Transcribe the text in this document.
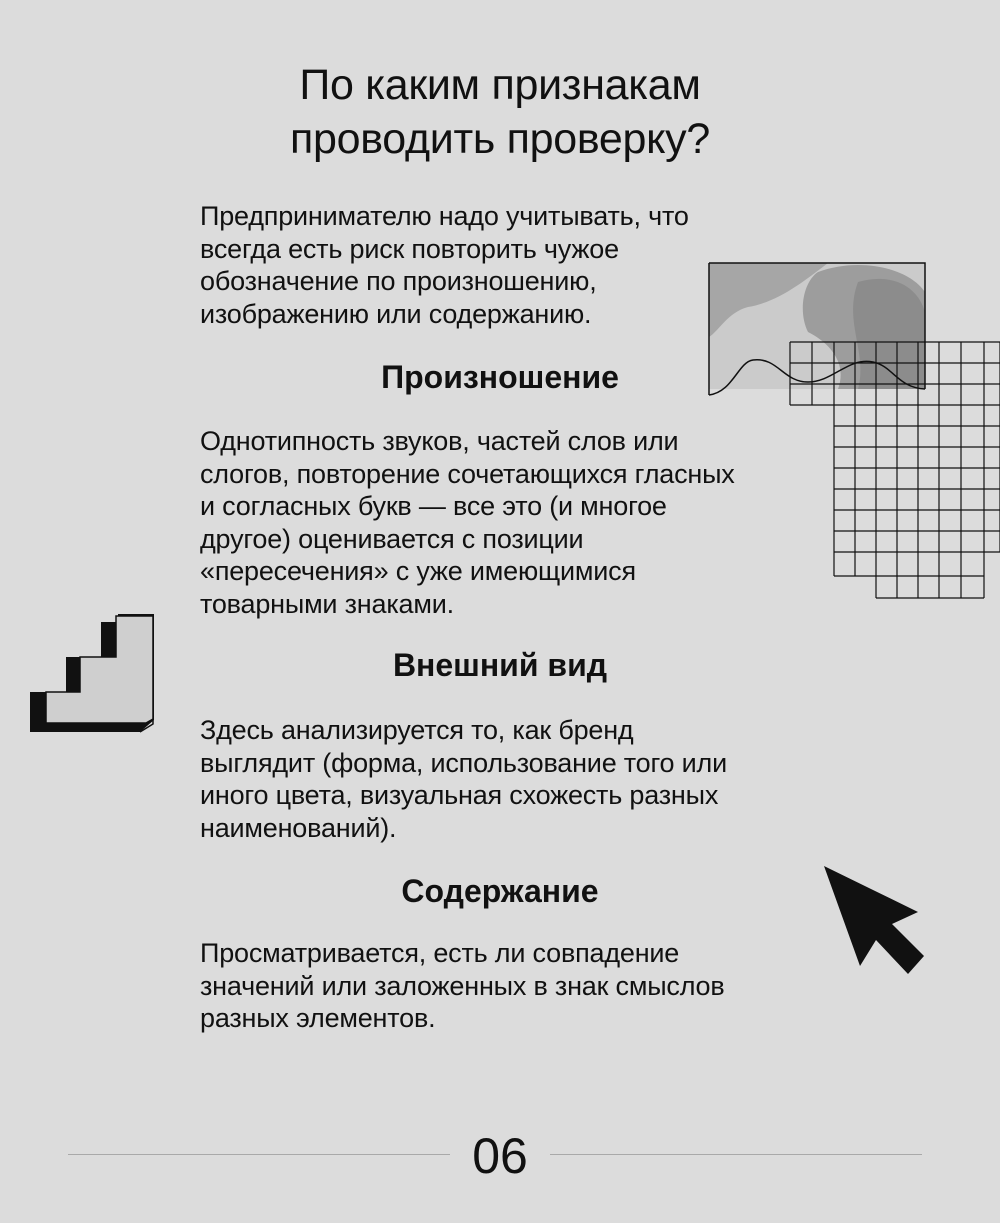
По каким признакам
проводить проверку?
Предпринимателю надо учитывать, что
всегда есть риск повторить чужое
обозначение по произношению,
изображению или содержанию.
Произношение
Однотипность звуков, частей слов или
слогов, повторение сочетающихся гласных
и согласных букв — все это (и многое
другое) оценивается с позиции
«пересечения» с уже имеющимися
товарными знаками.
Внешний вид
Здесь анализируется то, как бренд
выглядит (форма, использование того или
иного цвета, визуальная схожесть разных
наименований).
Содержание
Просматривается, есть ли совпадение
значений или заложенных в знак смыслов
разных элементов.
06
